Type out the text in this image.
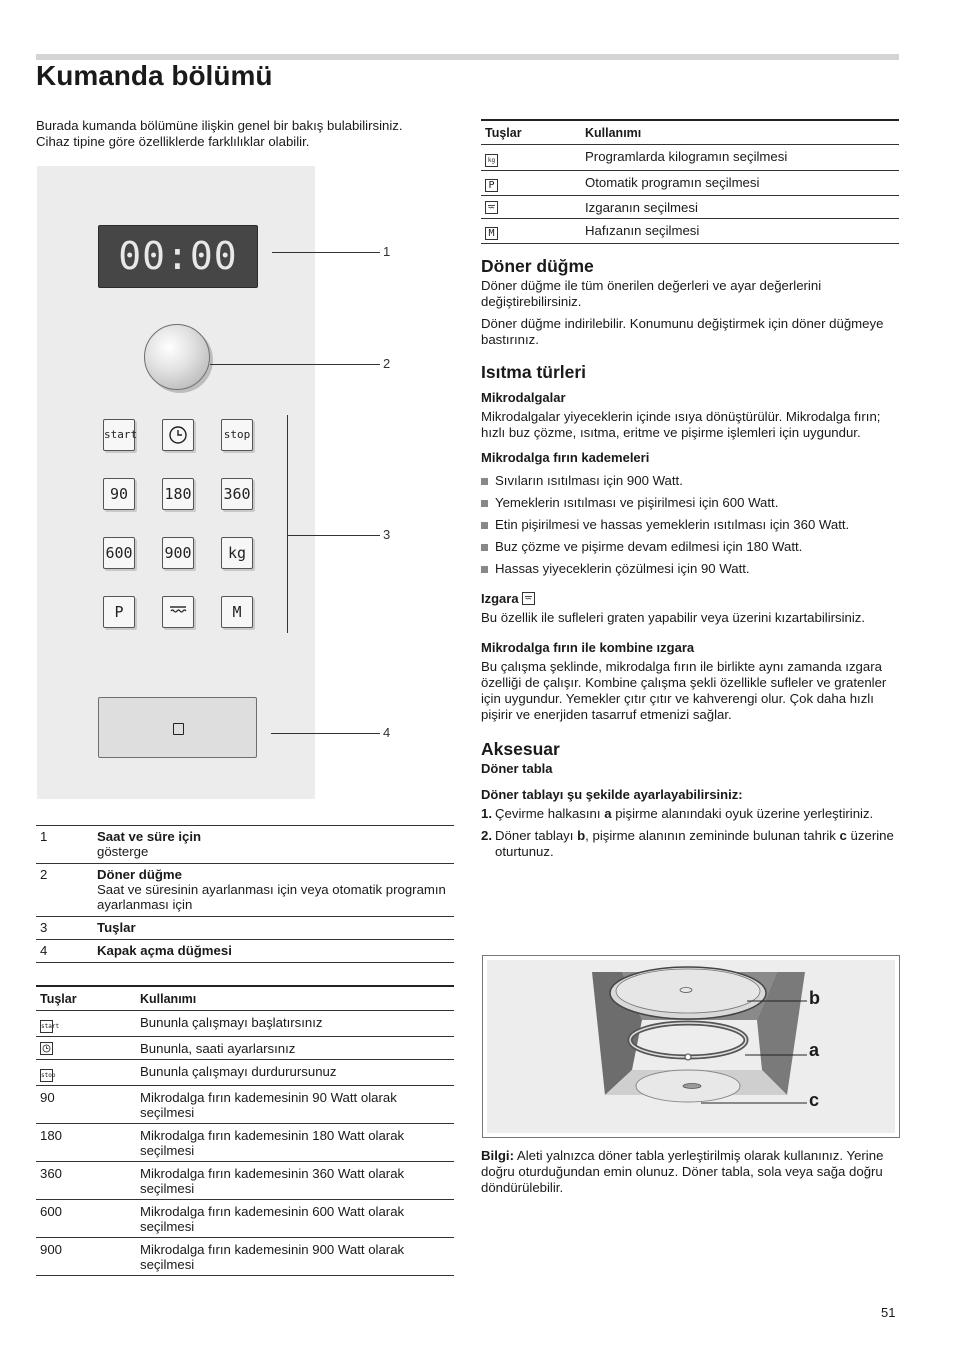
Kumanda bölümü

Burada kumanda bölümüne ilişkin genel bir bakış bulabilirsiniz.

Cihaz tipine göre özelliklerde farklılıklar olabilir.

00:00
start	stop
90	180 360
600 900	kg
P	M
1
2
3
4
1	Saat ve süre için
gösterge
2	Döner düğme
Saat ve süresinin ayarlanması için veya otomatik programın ayarlanması için
3	Tuşlar
4	Kapak açma düğmesi
Tuşlar	Kullanımı
start	Bununla çalışmayı başlatırsınız
	Bununla, saati ayarlarsınız
stop	Bununla çalışmayı durdurursunuz
90	Mikrodalga fırın kademesinin 90 Watt olarak seçilmesi
180	Mikrodalga fırın kademesinin 180 Watt olarak seçilmesi
360	Mikrodalga fırın kademesinin 360 Watt olarak seçilmesi
600	Mikrodalga fırın kademesinin 600 Watt olarak seçilmesi
900	Mikrodalga fırın kademesinin 900 Watt olarak seçilmesi
Tuşlar	Kullanımı
kg	Programlarda kilogramın seçilmesi
P	Otomatik programın seçilmesi
	Izgaranın seçilmesi
M	Hafızanın seçilmesi
Döner düğme

Döner düğme ile tüm önerilen değerleri ve ayar değerlerini değiştirebilirsiniz.

Döner düğme indirilebilir. Konumunu değiştirmek için döner düğmeye bastırınız.

Isıtma türleri
Mikrodalgalar

Mikrodalgalar yiyeceklerin içinde ısıya dönüştürülür. Mikrodalga fırın; hızlı buz çözme, ısıtma, eritme ve pişirme işlemleri için uygundur.

Mikrodalga fırın kademeleri
Sıvıların ısıtılması için 900 Watt.
Yemeklerin ısıtılması ve pişirilmesi için 600 Watt.
Etin pişirilmesi ve hassas yemeklerin ısıtılması için 360 Watt.
Buz çözme ve pişirme devam edilmesi için 180 Watt.
Hassas yiyeceklerin çözülmesi için 90 Watt.
Izgara

Bu özellik ile sufleleri graten yapabilir veya üzerini kızartabilirsiniz.

Mikrodalga fırın ile kombine ızgara

Bu çalışma şeklinde, mikrodalga fırın ile birlikte aynı zamanda ızgara özelliği de çalışır. Kombine çalışma şekli özellikle sufleler ve gratenler için uygundur. Yemekler çıtır çıtır ve kahverengi olur. Çok daha hızlı pişirir ve enerjiden tasarruf etmenizi sağlar.

Aksesuar
Döner tabla
Döner tablayı şu şekilde ayarlayabilirsiniz:
1. Çevirme halkasını a pişirme alanındaki oyuk üzerine yerleştiriniz.
2. Döner tablayı b, pişirme alanının zemininde bulunan tahrik c üzerine oturtunuz.
b
a
c
Bilgi: Aleti yalnızca döner tabla yerleştirilmiş olarak kullanınız. Yerine doğru oturduğundan emin olunuz. Döner tabla, sola veya sağa doğru döndürülebilir.
51
